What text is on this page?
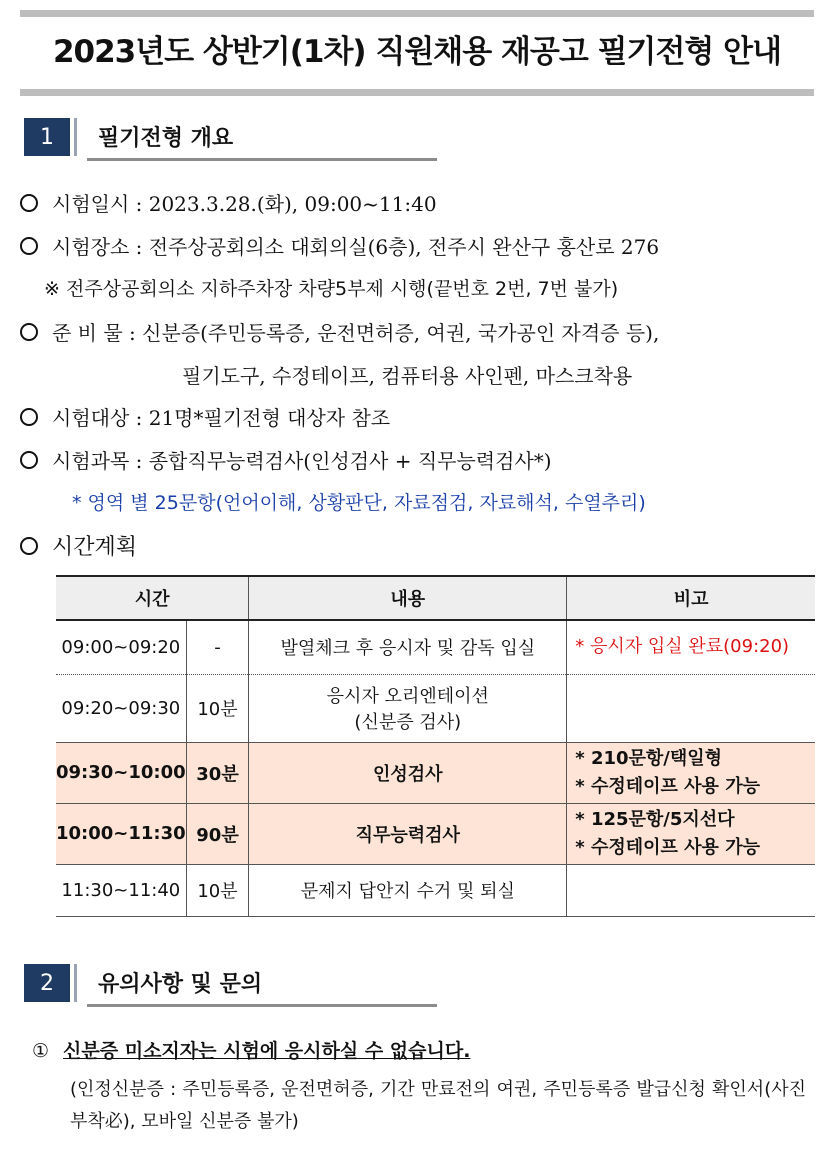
2023년도 상반기(1차) 직원채용 재공고 필기전형 안내
1	필기전형 개요
시험일시 : 2023.3.28.(화), 09:00~11:40
시험장소 : 전주상공회의소 대회의실(6층), 전주시 완산구 홍산로 276
※ 전주상공회의소 지하주차장 차량5부제 시행(끝번호 2번, 7번 불가)
준 비 물 : 신분증(주민등록증, 운전면허증, 여권, 국가공인 자격증 등),
필기도구, 수정테이프, 컴퓨터용 사인펜, 마스크착용
시험대상 : 21명*필기전형 대상자 참조
시험과목 : 종합직무능력검사(인성검사 + 직무능력검사*)
* 영역 별 25문항(언어이해, 상황판단, 자료점검, 자료해석, 수열추리)
시간계획
시간		내용	비고
09:00~09:20	-	발열체크 후 응시자 및 감독 입실	* 응시자 입실 완료(09:20)
09:20~09:30	10분	응시자 오리엔테이션
(신분증 검사)	

09:30~10:00	30분	인성검사	* 210문항/택일형
* 수정테이프 사용 가능

10:00~11:30	90분	직무능력검사	* 125문항/5지선다
* 수정테이프 사용 가능

11:30~11:40	10분	문제지 답안지 수거 및 퇴실	
2	유의사항 및 문의
① 신분증 미소지자는 시험에 응시하실 수 없습니다.
(인정신분증 : 주민등록증, 운전면허증, 기간 만료전의 여권, 주민등록증 발급신청 확인서(사진부착必), 모바일 신분증 불가)
